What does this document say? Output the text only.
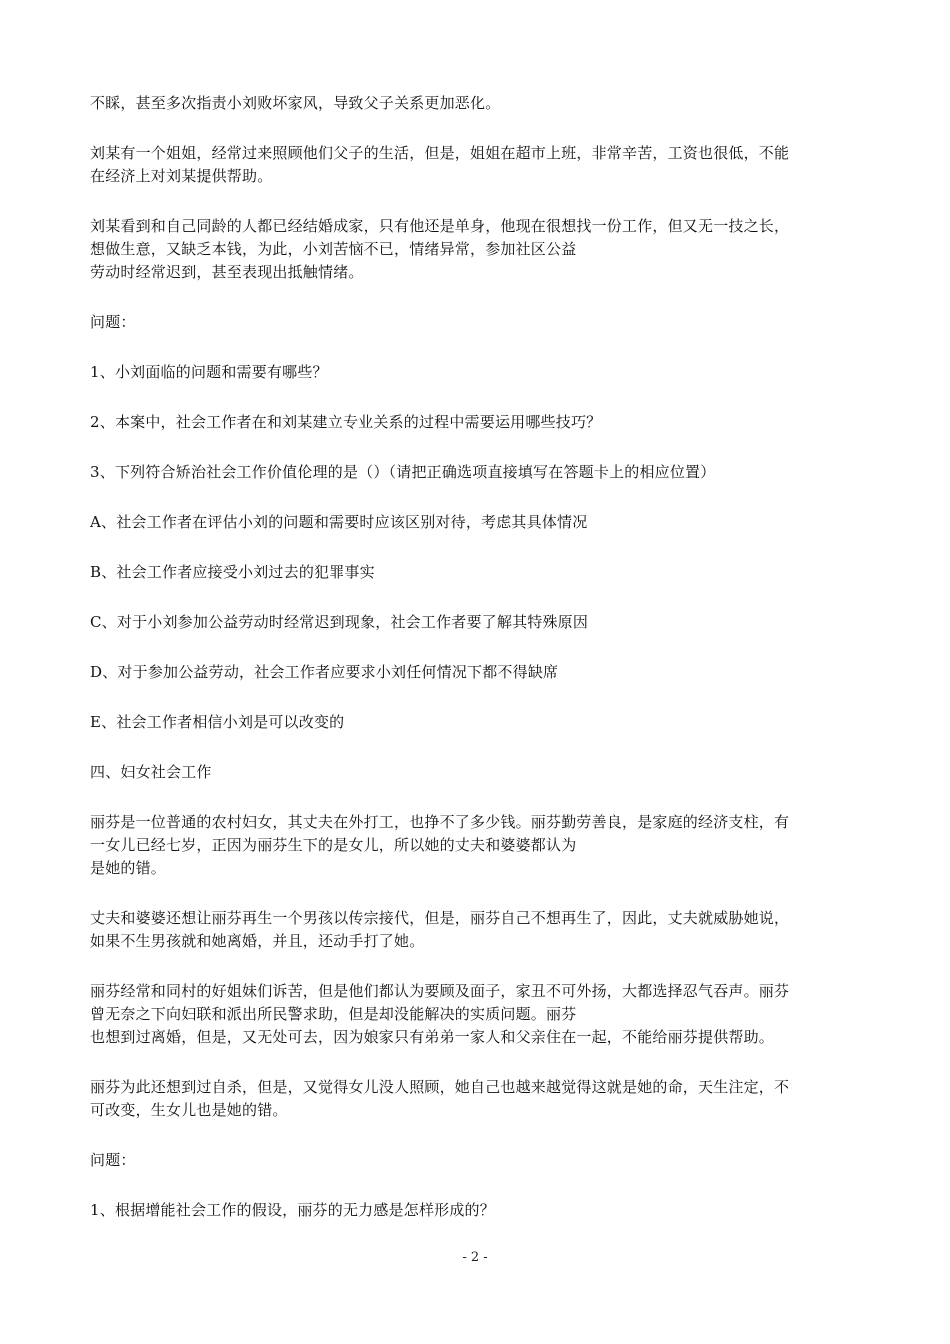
不睬，甚至多次指责小刘败坏家风，导致父子关系更加恶化。

刘某有一个姐姐，经常过来照顾他们父子的生活，但是，姐姐在超市上班，非常辛苦，工资也很低，不能
在经济上对刘某提供帮助。

刘某看到和自己同龄的人都已经结婚成家，只有他还是单身，他现在很想找一份工作，但又无一技之长，
想做生意，又缺乏本钱，为此，小刘苦恼不已，情绪异常，参加社区公益
劳动时经常迟到，甚至表现出抵触情绪。

问题：

1、小刘面临的问题和需要有哪些？

2、本案中，社会工作者在和刘某建立专业关系的过程中需要运用哪些技巧？

3、下列符合矫治社会工作价值伦理的是（）（请把正确选项直接填写在答题卡上的相应位置）

A、社会工作者在评估小刘的问题和需要时应该区别对待，考虑其具体情况

B、社会工作者应接受小刘过去的犯罪事实

C、对于小刘参加公益劳动时经常迟到现象，社会工作者要了解其特殊原因

D、对于参加公益劳动，社会工作者应要求小刘任何情况下都不得缺席

E、社会工作者相信小刘是可以改变的

四、妇女社会工作

丽芬是一位普通的农村妇女，其丈夫在外打工，也挣不了多少钱。丽芬勤劳善良，是家庭的经济支柱，有
一女儿已经七岁，正因为丽芬生下的是女儿，所以她的丈夫和婆婆都认为
是她的错。

丈夫和婆婆还想让丽芬再生一个男孩以传宗接代，但是，丽芬自己不想再生了，因此，丈夫就威胁她说，
如果不生男孩就和她离婚，并且，还动手打了她。

丽芬经常和同村的好姐妹们诉苦，但是他们都认为要顾及面子，家丑不可外扬，大都选择忍气吞声。丽芬
曾无奈之下向妇联和派出所民警求助，但是却没能解决的实质问题。丽芬
也想到过离婚，但是，又无处可去，因为娘家只有弟弟一家人和父亲住在一起，不能给丽芬提供帮助。

丽芬为此还想到过自杀，但是，又觉得女儿没人照顾，她自己也越来越觉得这就是她的命，天生注定，不
可改变，生女儿也是她的错。

问题：

1、根据增能社会工作的假设，丽芬的无力感是怎样形成的？

- 2 -
